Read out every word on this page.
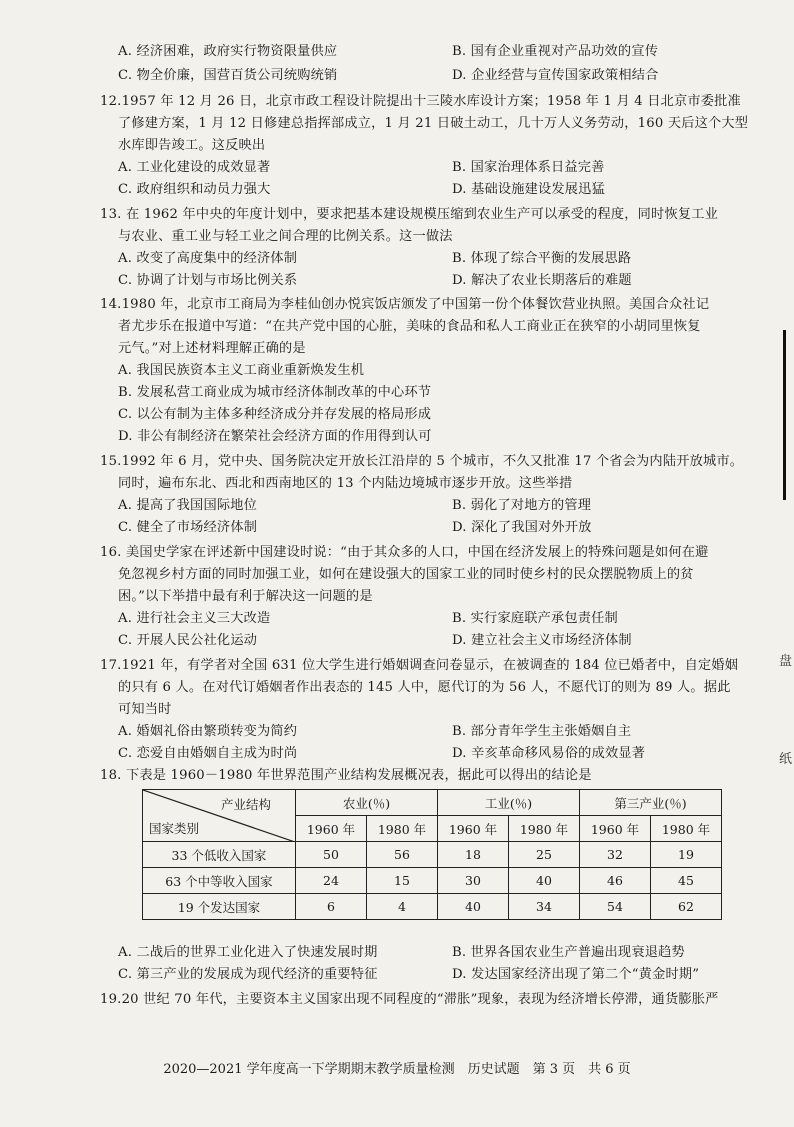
A. 经济困难，政府实行物资限量供应	B. 国有企业重视对产品功效的宣传
C. 物全价廉，国营百货公司统购统销	D. 企业经营与宣传国家政策相结合
12.1957 年 12 月 26 日，北京市政工程设计院提出十三陵水库设计方案；1958 年 1 月 4 日北京市委批准
了修建方案，1 月 12 日修建总指挥部成立，1 月 21 日破土动工，几十万人义务劳动，160 天后这个大型
水库即告竣工。这反映出
A. 工业化建设的成效显著	B. 国家治理体系日益完善
C. 政府组织和动员力强大	D. 基础设施建设发展迅猛
13. 在 1962 年中央的年度计划中，要求把基本建设规模压缩到农业生产可以承受的程度，同时恢复工业
与农业、重工业与轻工业之间合理的比例关系。这一做法
A. 改变了高度集中的经济体制	B. 体现了综合平衡的发展思路
C. 协调了计划与市场比例关系	D. 解决了农业长期落后的难题
14.1980 年，北京市工商局为李桂仙创办悦宾饭店颁发了中国第一份个体餐饮营业执照。美国合众社记
者尤步乐在报道中写道：“在共产党中国的心脏，美味的食品和私人工商业正在狭窄的小胡同里恢复
元气。”对上述材料理解正确的是
A. 我国民族资本主义工商业重新焕发生机
B. 发展私营工商业成为城市经济体制改革的中心环节
C. 以公有制为主体多种经济成分并存发展的格局形成
D. 非公有制经济在繁荣社会经济方面的作用得到认可
15.1992 年 6 月，党中央、国务院决定开放长江沿岸的 5 个城市，不久又批准 17 个省会为内陆开放城市。
同时，遍布东北、西北和西南地区的 13 个内陆边境城市逐步开放。这些举措
A. 提高了我国国际地位	B. 弱化了对地方的管理
C. 健全了市场经济体制	D. 深化了我国对外开放
16. 美国史学家在评述新中国建设时说：“由于其众多的人口，中国在经济发展上的特殊问题是如何在避
免忽视乡村方面的同时加强工业，如何在建设强大的国家工业的同时使乡村的民众摆脱物质上的贫
困。”以下举措中最有利于解决这一问题的是
A. 进行社会主义三大改造	B. 实行家庭联产承包责任制
C. 开展人民公社化运动	D. 建立社会主义市场经济体制
17.1921 年，有学者对全国 631 位大学生进行婚姻调查问卷显示，在被调查的 184 位已婚者中，自定婚姻
的只有 6 人。在对代订婚姻者作出表态的 145 人中，愿代订的为 56 人，不愿代订的则为 89 人。据此
可知当时
A. 婚姻礼俗由繁琐转变为简约	B. 部分青年学生主张婚姻自主
C. 恋爱自由婚姻自主成为时尚	D. 辛亥革命移风易俗的成效显著
18. 下表是 1960－1980 年世界范围产业结构发展概况表，据此可以得出的结论是
产业结构
国家类别	农业(％)		工业(％)		第三产业(％)	
	1960 年	1980 年	1960 年	1980 年	1960 年	1980 年
33 个低收入国家	50	56	18	25	32	19
63 个中等收入国家	24	15	30	40	46	45
19 个发达国家	6	4	40	34	54	62
A. 二战后的世界工业化进入了快速发展时期	B. 世界各国农业生产普遍出现衰退趋势
C. 第三产业的发展成为现代经济的重要特征	D. 发达国家经济出现了第二个“黄金时期”
19.20 世纪 70 年代，主要资本主义国家出现不同程度的“滞胀”现象，表现为经济增长停滞，通货膨胀严
2020—2021 学年度高一下学期期末教学质量检测　历史试题　第 3 页　共 6 页
盘
纸
